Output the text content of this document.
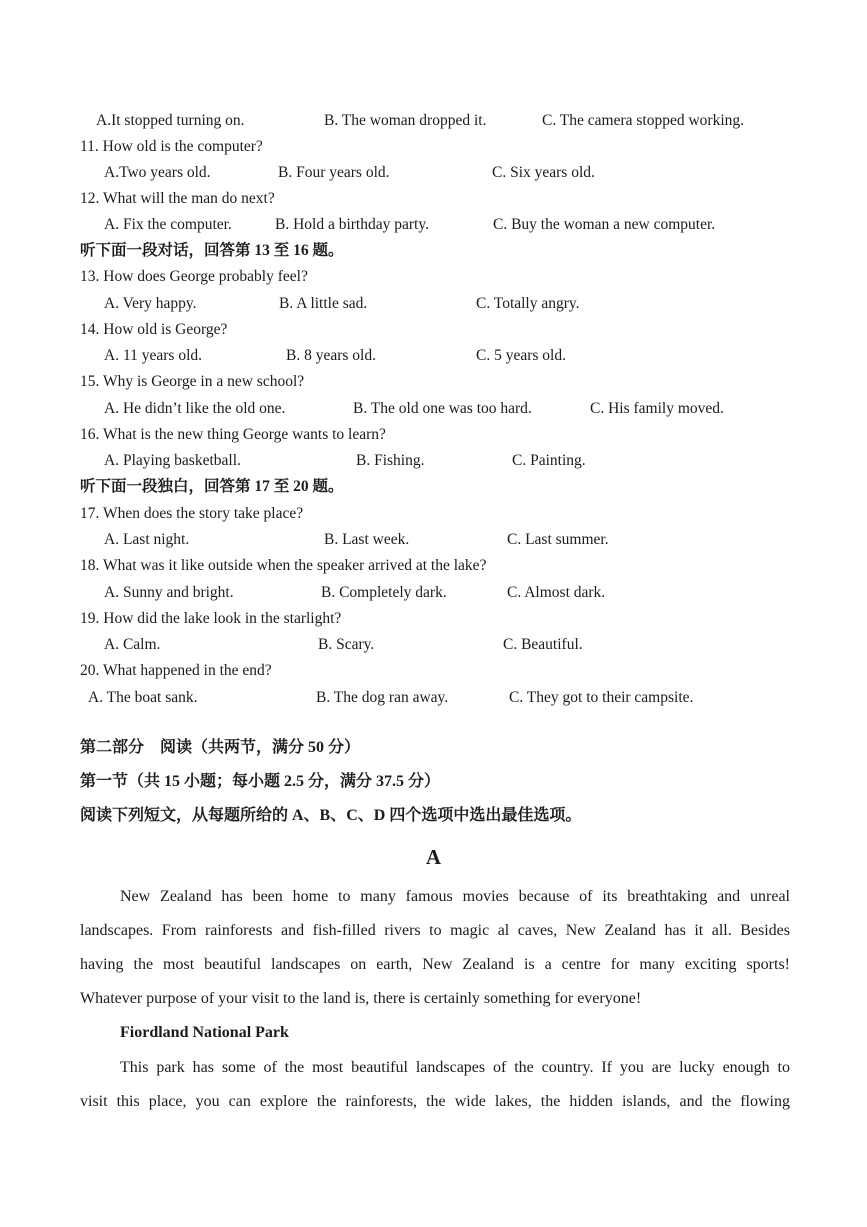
A.It stopped turning on.	B. The woman dropped it.	C. The camera stopped working.
11. How old is the computer?
A.Two years old.	B. Four years old.	C. Six years old.
12. What will the man do next?
A. Fix the computer.	B. Hold a birthday party.	C. Buy the woman a new computer.
听下面一段对话，回答第 13 至 16 题。
13. How does George probably feel?
A. Very happy.	B. A little sad.	C. Totally angry.
14. How old is George?
A. 11 years old.	B. 8 years old.	C. 5 years old.
15. Why is George in a new school?
A. He didn’t like the old one.	B. The old one was too hard.	C. His family moved.
16. What is the new thing George wants to learn?
A. Playing basketball.	B. Fishing.	C. Painting.
听下面一段独白，回答第 17 至 20 题。
17. When does the story take place?
A. Last night.	B. Last week.	C. Last summer.
18. What was it like outside when the speaker arrived at the lake?
A. Sunny and bright.	B. Completely dark.	C. Almost dark.
19. How did the lake look in the starlight?
A. Calm.	B. Scary.	C. Beautiful.
20. What happened in the end?
A. The boat sank.	B. The dog ran away.	C. They got to their campsite.
第二部分　阅读（共两节，满分 50 分）
第一节（共 15 小题；每小题 2.5 分，满分 37.5 分）
阅读下列短文，从每题所给的 A、B、C、D 四个选项中选出最佳选项。
A
New Zealand has been home to many famous movies because of its breathtaking and unreal
landscapes. From rainforests and fish-filled rivers to magic al caves, New Zealand has it all. Besides
having the most beautiful landscapes on earth, New Zealand is a centre for many exciting sports!
Whatever purpose of your visit to the land is, there is certainly something for everyone!
Fiordland National Park
This park has some of the most beautiful landscapes of the country. If you are lucky enough to
visit this place, you can explore the rainforests, the wide lakes, the hidden islands, and the flowing
